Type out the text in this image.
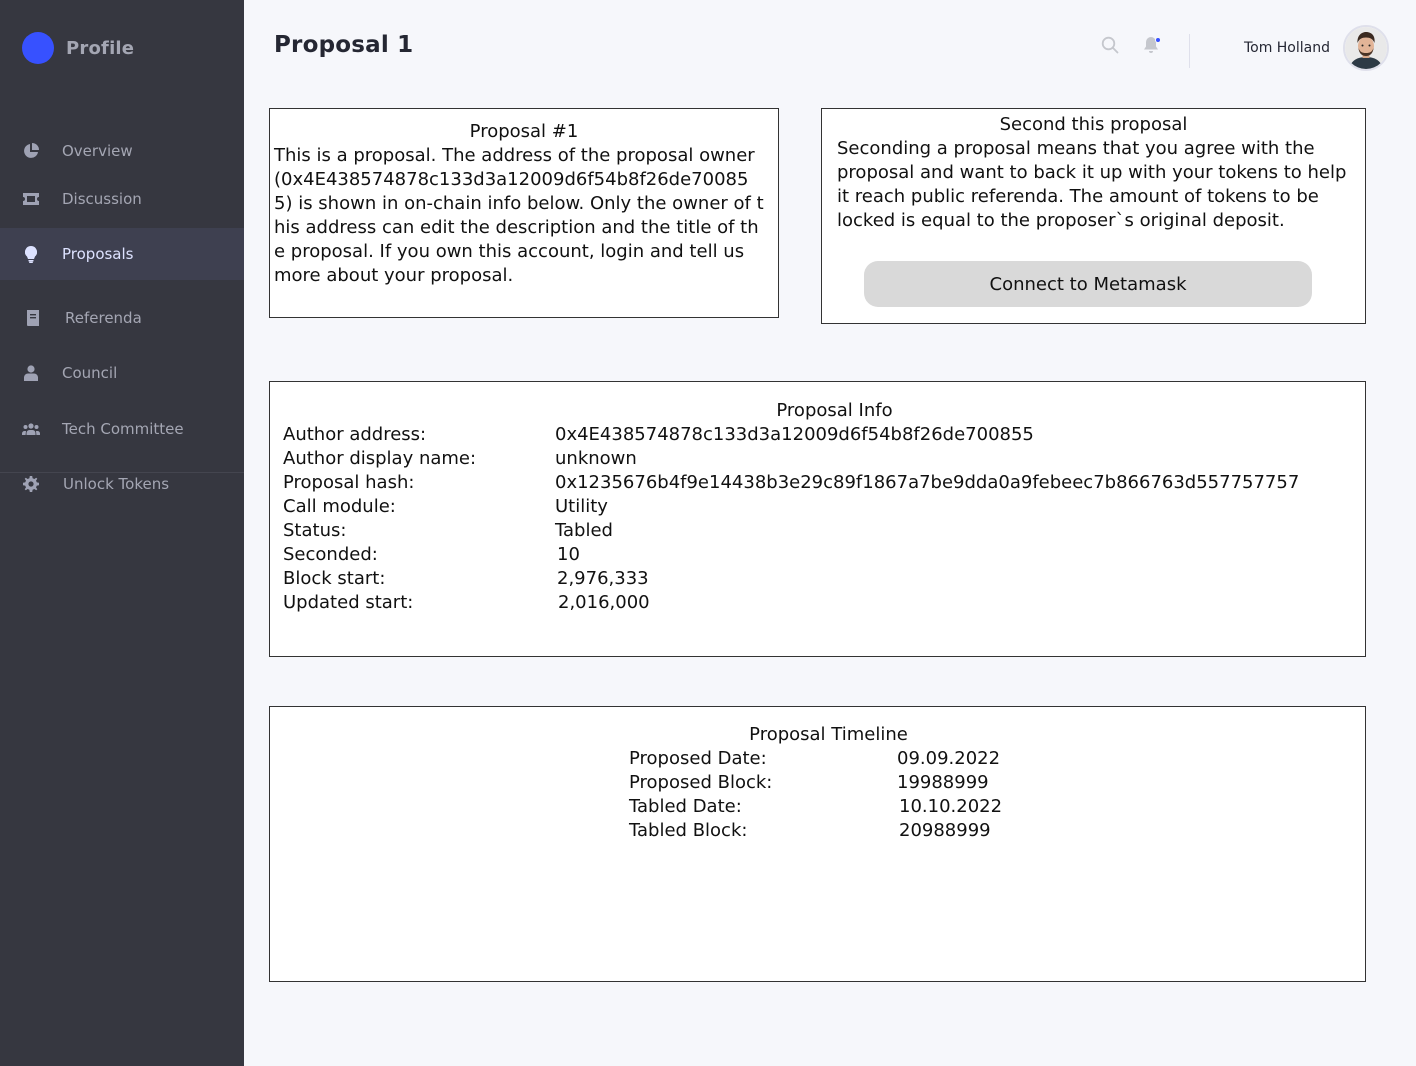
Profile
Overview
Discussion
Proposals
Referenda
Council
Tech Committee
Unlock Tokens
Proposal 1	Tom Holland
Proposal #1

This is a proposal. The address of the proposal owner (0x4E438574878c133d3a12009d6f54b8f26de700855) is shown in on-chain info below. Only the owner of this address can edit the description and the title of the proposal. If you own this account, login and tell us more about your proposal.

Second this proposal

Seconding a proposal means that you agree with the proposal and want to back it up with your tokens to help it reach public referenda. The amount of tokens to be locked is equal to the proposer`s original deposit.

Connect to Metamask
Proposal Info
Author address:	0x4E438574878c133d3a12009d6f54b8f26de700855
Author display name:	unknown
Proposal hash:	0x1235676b4f9e14438b3e29c89f1867a7be9dda0a9febeec7b866763d557757757
Call module:	Utility
Status:	Tabled
Seconded:	10
Block start:	2,976,333
Updated start:	2,016,000
Proposal Timeline
Proposed Date:	09.09.2022
Proposed Block:	19988999
Tabled Date:	10.10.2022
Tabled Block:	20988999
